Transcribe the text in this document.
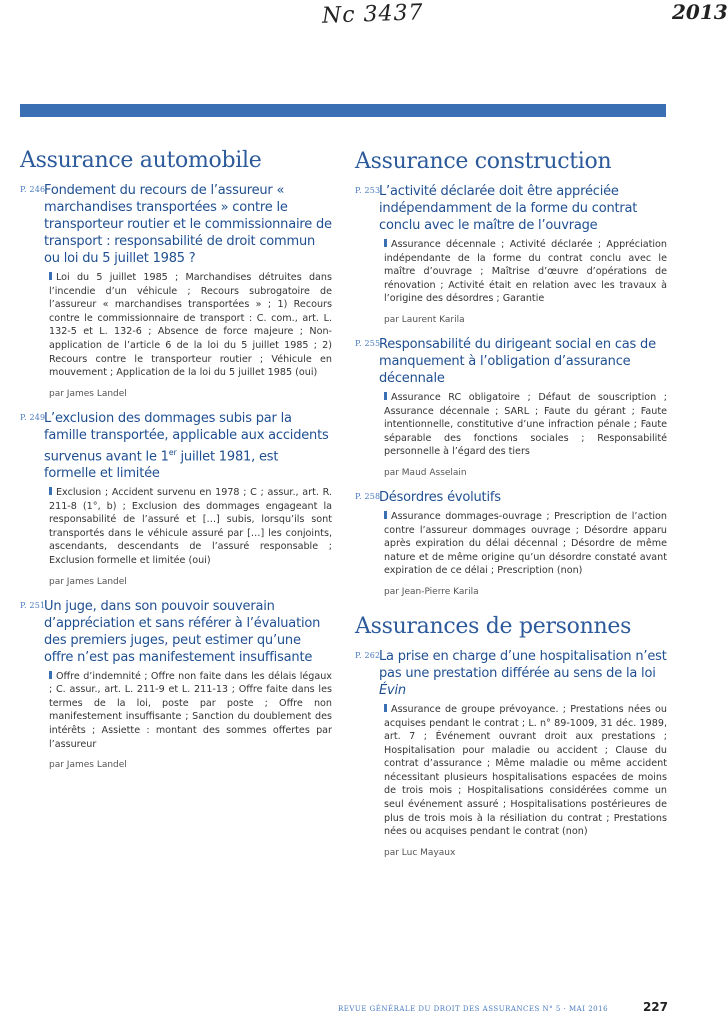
Nc 3437	2013
Assurance automobile
P. 246
Fondement du recours de l’assureur « marchandises transportées » contre le transporteur routier et le commissionnaire de transport : responsabilité de droit commun ou loi du 5 juillet 1985 ?
Loi du 5 juillet 1985 ; Marchandises détruites dans l’incendie d’un véhicule ; Recours subrogatoire de l’assureur « marchandises transportées » ; 1) Recours contre le commissionnaire de transport : C. com., art. L. 132-5 et L. 132-6 ; Absence de force majeure ; Non-application de l’article 6 de la loi du 5 juillet 1985 ; 2) Recours contre le transporteur routier ; Véhicule en mouvement ; Application de la loi du 5 juillet 1985 (oui)
par James Landel
P. 249
L’exclusion des dommages subis par la famille transportée, applicable aux accidents survenus avant le 1er juillet 1981, est formelle et limitée
Exclusion ; Accident survenu en 1978 ; C ; assur., art. R. 211-8 (1°, b) ; Exclusion des dommages engageant la responsabilité de l’assuré et […] subis, lorsqu’ils sont transportés dans le véhicule assuré par […] les conjoints, ascendants, descendants de l’assuré responsable ; Exclusion formelle et limitée (oui)
par James Landel
P. 251
Un juge, dans son pouvoir souverain d’appréciation et sans référer à l’évaluation des premiers juges, peut estimer qu’une offre n’est pas manifestement insuffisante
Offre d’indemnité ; Offre non faite dans les délais légaux ; C. assur., art. L. 211-9 et L. 211-13 ; Offre faite dans les termes de la loi, poste par poste ; Offre non manifestement insuffisante ; Sanction du doublement des intérêts ; Assiette : montant des sommes offertes par l’assureur
par James Landel
Assurance construction
P. 253
L’activité déclarée doit être appréciée indépendamment de la forme du contrat conclu avec le maître de l’ouvrage
Assurance décennale ; Activité déclarée ; Appréciation indépendante de la forme du contrat conclu avec le maître d’ouvrage ; Maîtrise d’œuvre d’opérations de rénovation ; Activité était en relation avec les travaux à l’origine des désordres ; Garantie
par Laurent Karila
P. 255
Responsabilité du dirigeant social en cas de manquement à l’obligation d’assurance décennale
Assurance RC obligatoire ; Défaut de souscription ; Assurance décennale ; SARL ; Faute du gérant ; Faute intentionnelle, constitutive d’une infraction pénale ; Faute séparable des fonctions sociales ; Responsabilité personnelle à l’égard des tiers
par Maud Asselain
P. 258
Désordres évolutifs
Assurance dommages-ouvrage ; Prescription de l’action contre l’assureur dommages ouvrage ; Désordre apparu après expiration du délai décennal ; Désordre de même nature et de même origine qu’un désordre constaté avant expiration de ce délai ; Prescription (non)
par Jean-Pierre Karila
Assurances de personnes
P. 262
La prise en charge d’une hospitalisation n’est pas une prestation différée au sens de la loi Évin
Assurance de groupe prévoyance. ; Prestations nées ou acquises pendant le contrat ; L. n° 89-1009, 31 déc. 1989, art. 7 ; Événement ouvrant droit aux prestations ; Hospitalisation pour maladie ou accident ; Clause du contrat d’assurance ; Même maladie ou même accident nécessitant plusieurs hospitalisations espacées de moins de trois mois ; Hospitalisations considérées comme un seul événement assuré ; Hospitalisations postérieures de plus de trois mois à la résiliation du contrat ; Prestations nées ou acquises pendant le contrat (non)
par Luc Mayaux
REVUE GÉNÉRALE DU DROIT DES ASSURANCES N° 5 · MAI 2016	227
